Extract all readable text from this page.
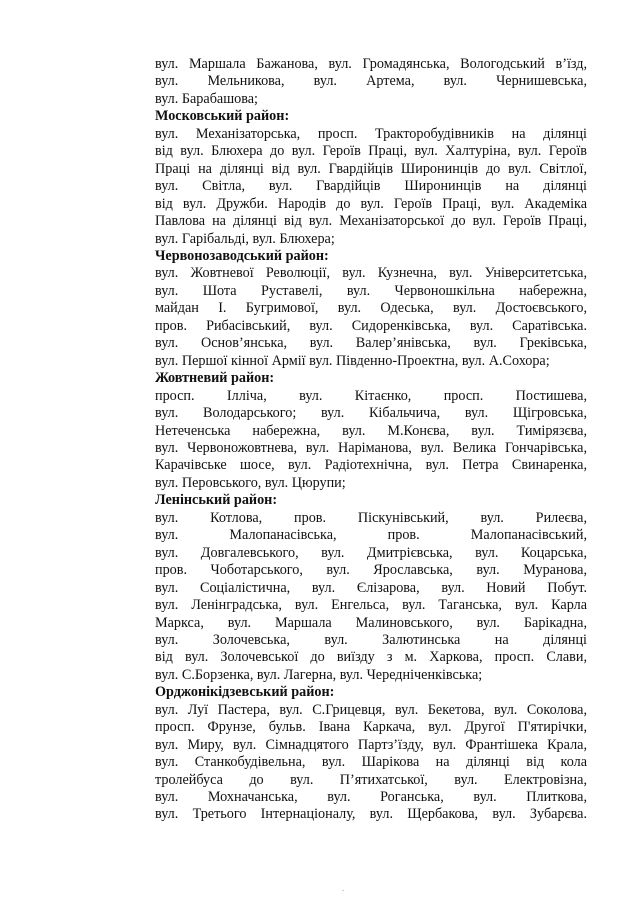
вул. Маршала Бажанова, вул. Громадянська, Вологодський в’їзд,
вул. Мельникова, вул. Артема, вул. Чернишевська,
вул. Барабашова;
Московський район:
вул. Механізаторська, просп. Тракторобудівників на ділянці
від вул. Блюхера до вул. Героїв Праці, вул. Халтуріна, вул. Героїв
Праці на ділянці від вул. Гвардійців Широнинців до вул. Світлої,
вул. Світла, вул. Гвардійців Широнинців на ділянці
від вул. Дружби. Народів до вул. Героїв Праці, вул. Академіка
Павлова на ділянці від вул. Механізаторської до вул. Героїв Праці,
вул. Гарібальді, вул. Блюхера;
Червонозаводський район:
вул. Жовтневої Революції, вул. Кузнечна, вул. Університетська,
вул. Шота Руставелі, вул. Червоношкільна набережна,
майдан І. Бугримової, вул. Одеська, вул. Достоєвського,
пров. Рибасівський, вул. Сидоренківська, вул. Саратівська.
вул. Основ’янська, вул. Валер’янівська, вул. Греківська,
вул. Першої кінної Армії вул. Південно-Проектна, вул. А.Сохора;
Жовтневий район:
просп. Ілліча, вул. Кітаєнко, просп. Постишева,
вул. Володарського; вул. Кібальчича, вул. Щігровська,
Нетеченська набережна, вул. М.Конєва, вул. Тимірязєва,
вул. Червоножовтнева, вул. Наріманова, вул. Велика Гончарівська,
Карачівське шосе, вул. Радіотехнічна, вул. Петра Свинаренка,
вул. Перовського, вул. Цюрупи;
Ленінський район:
вул. Котлова, пров. Піскунівський, вул. Рилеєва,
вул. Малопанасівська, пров. Малопанасівський,
вул. Довгалевського, вул. Дмитрієвська, вул. Коцарська,
пров. Чоботарського, вул. Ярославська, вул. Муранова,
вул. Соціалістична, вул. Єлізарова, вул. Новий Побут.
вул. Ленінградська, вул. Енгельса, вул. Таганська, вул. Карла
Маркса, вул. Маршала Малиновського, вул. Барікадна,
вул. Золочевська, вул. Залютинська на ділянці
від вул. Золочевської до виїзду з м. Харкова, просп. Слави,
вул. С.Борзенка, вул. Лагерна, вул. Чередніченківська;
Орджонікідзевський район:
вул. Луї Пастера, вул. С.Грицевця, вул. Бекетова, вул. Соколова,
просп. Фрунзе, бульв. Івана Каркача, вул. Другої П'ятирічки,
вул. Миру, вул. Сімнадцятого Партз’їзду, вул. Франтішека Крала,
вул. Станкобудівельна, вул. Шарікова на ділянці від кола
тролейбуса до вул. П’ятихатської, вул. Електровізна,
вул. Мохначанська, вул. Роганська, вул. Плиткова,
вул. Третього Інтернаціоналу, вул. Щербакова, вул. Зубарєва.
.
